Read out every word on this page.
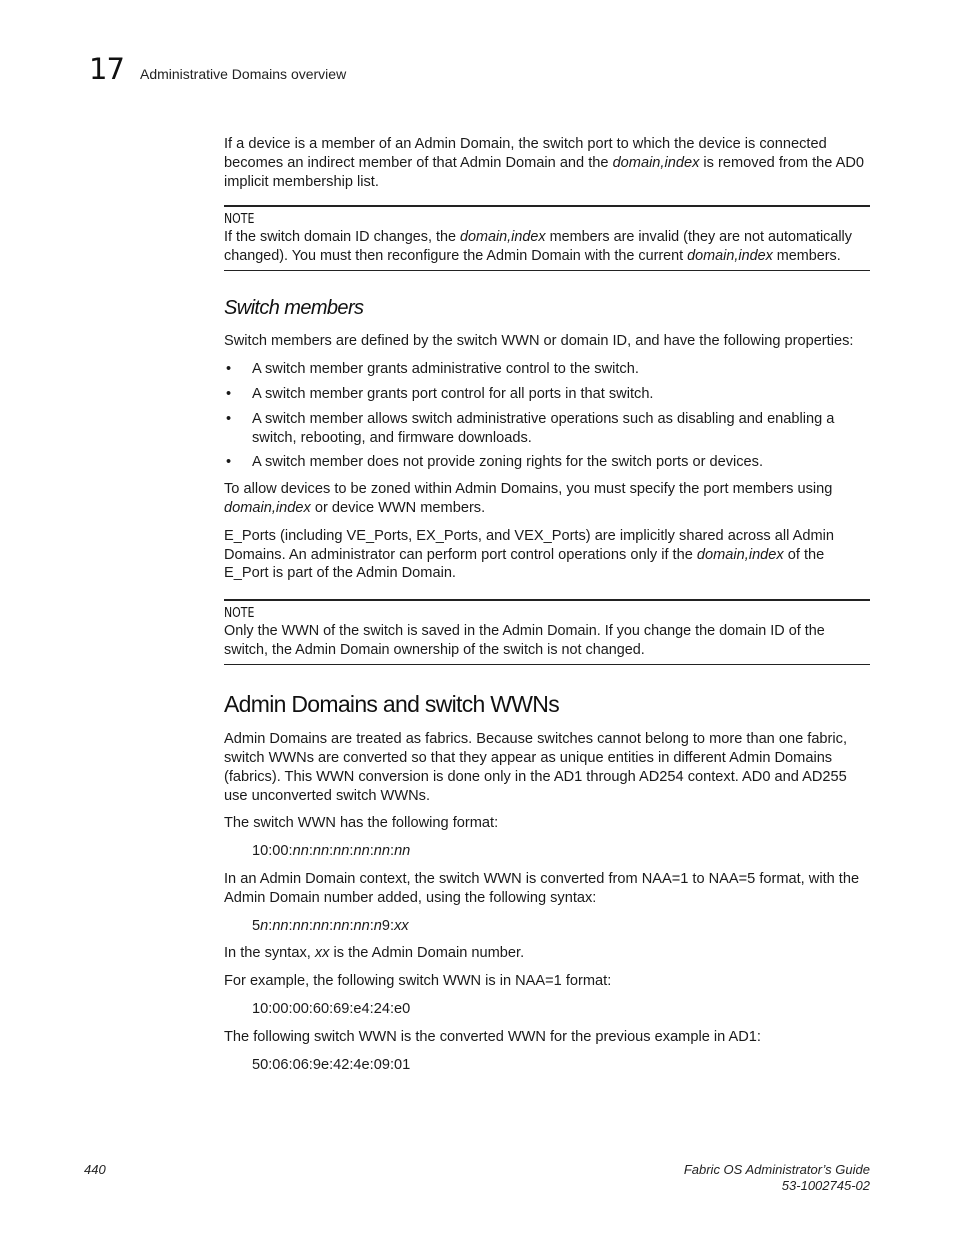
17 Administrative Domains overview

If a device is a member of an Admin Domain, the switch port to which the device is connected becomes an indirect member of that Admin Domain and the domain,index is removed from the AD0 implicit membership list.

NOTE

If the switch domain ID changes, the domain,index members are invalid (they are not automatically changed). You must then reconfigure the Admin Domain with the current domain,index members.

Switch members

Switch members are defined by the switch WWN or domain ID, and have the following properties:

• A switch member grants administrative control to the switch.
• A switch member grants port control for all ports in that switch.
• A switch member allows switch administrative operations such as disabling and enabling a switch, rebooting, and firmware downloads.
• A switch member does not provide zoning rights for the switch ports or devices.

To allow devices to be zoned within Admin Domains, you must specify the port members using domain,index or device WWN members.

E_Ports (including VE_Ports, EX_Ports, and VEX_Ports) are implicitly shared across all Admin Domains. An administrator can perform port control operations only if the domain,index of the E_Port is part of the Admin Domain.

NOTE

Only the WWN of the switch is saved in the Admin Domain. If you change the domain ID of the switch, the Admin Domain ownership of the switch is not changed.

Admin Domains and switch WWNs

Admin Domains are treated as fabrics. Because switches cannot belong to more than one fabric, switch WWNs are converted so that they appear as unique entities in different Admin Domains (fabrics). This WWN conversion is done only in the AD1 through AD254 context. AD0 and AD255 use unconverted switch WWNs.

The switch WWN has the following format:

10:00:nn:nn:nn:nn:nn:nn

In an Admin Domain context, the switch WWN is converted from NAA=1 to NAA=5 format, with the Admin Domain number added, using the following syntax:

5n:nn:nn:nn:nn:nn:n9:xx

In the syntax, xx is the Admin Domain number.

For example, the following switch WWN is in NAA=1 format:

10:00:00:60:69:e4:24:e0

The following switch WWN is the converted WWN for the previous example in AD1:

50:06:06:9e:42:4e:09:01
440	Fabric OS Administrator’s Guide
53-1002745-02
